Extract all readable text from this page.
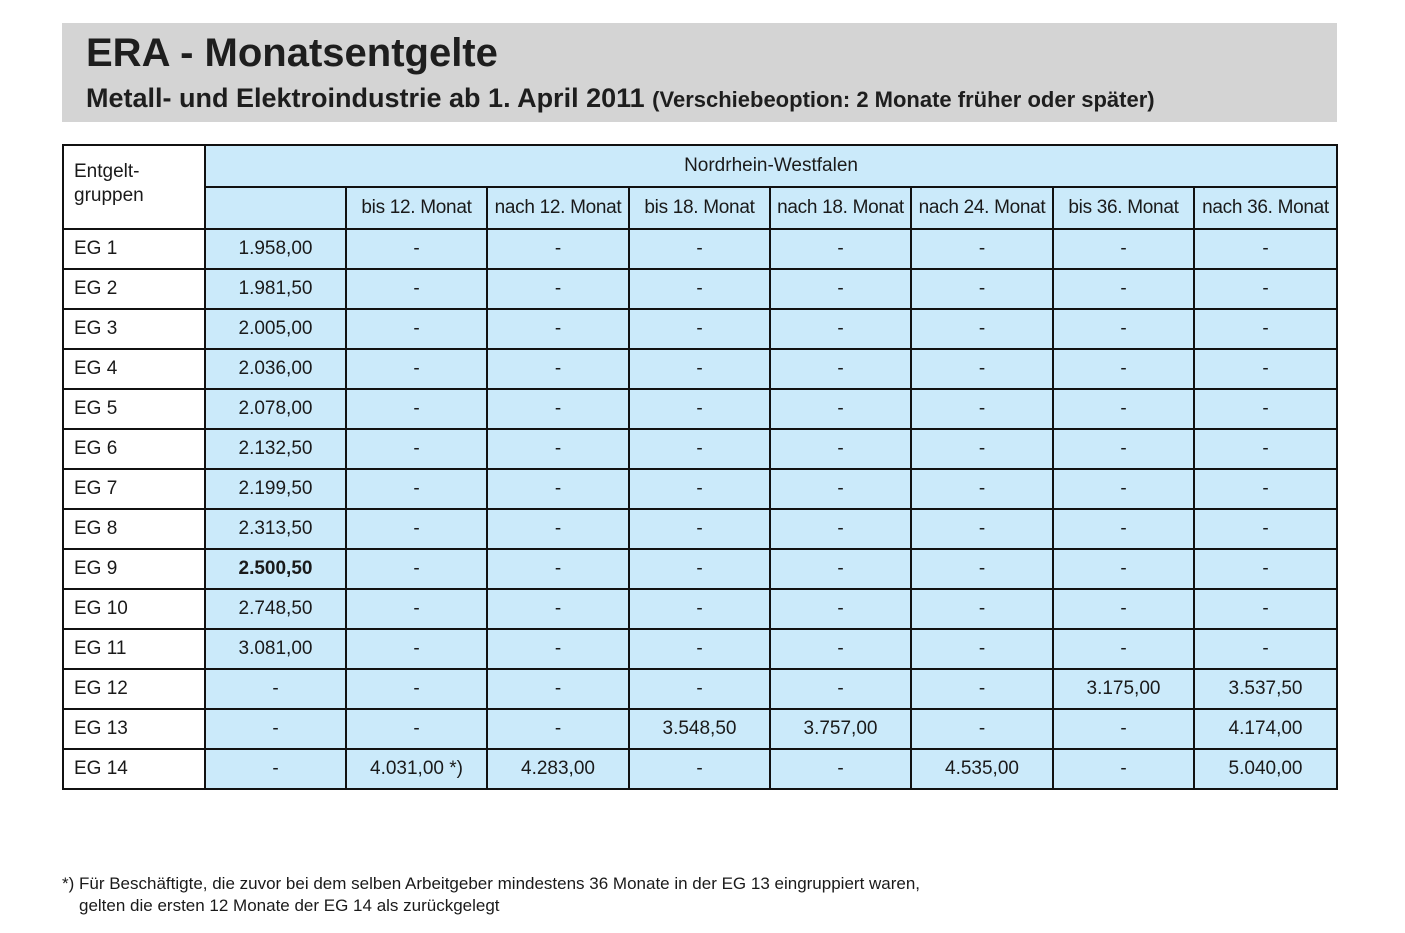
ERA - Monatsentgelte
Metall- und Elektroindustrie ab 1. April 2011 (Verschiebeoption: 2 Monate früher oder später)
Entgelt-
gruppen	Nordrhein-Westfalen							
		bis 12. Monat	nach 12. Monat	bis 18. Monat	nach 18. Monat	nach 24. Monat	bis 36. Monat	nach 36. Monat
EG 1	1.958,00	-	-	-	-	-	-	-
EG 2	1.981,50	-	-	-	-	-	-	-
EG 3	2.005,00	-	-	-	-	-	-	-
EG 4	2.036,00	-	-	-	-	-	-	-
EG 5	2.078,00	-	-	-	-	-	-	-
EG 6	2.132,50	-	-	-	-	-	-	-
EG 7	2.199,50	-	-	-	-	-	-	-
EG 8	2.313,50	-	-	-	-	-	-	-
EG 9	2.500,50	-	-	-	-	-	-	-
EG 10	2.748,50	-	-	-	-	-	-	-
EG 11	3.081,00	-	-	-	-	-	-	-
EG 12	-	-	-	-	-	-	3.175,00	3.537,50
EG 13	-	-	-	3.548,50	3.757,00	-	-	4.174,00
EG 14	-	4.031,00 *)	4.283,00	-	-	4.535,00	-	5.040,00
*) Für Beschäftigte, die zuvor bei dem selben Arbeitgeber mindestens 36 Monate in der EG 13 eingruppiert waren,
gelten die ersten 12 Monate der EG 14 als zurückgelegt
